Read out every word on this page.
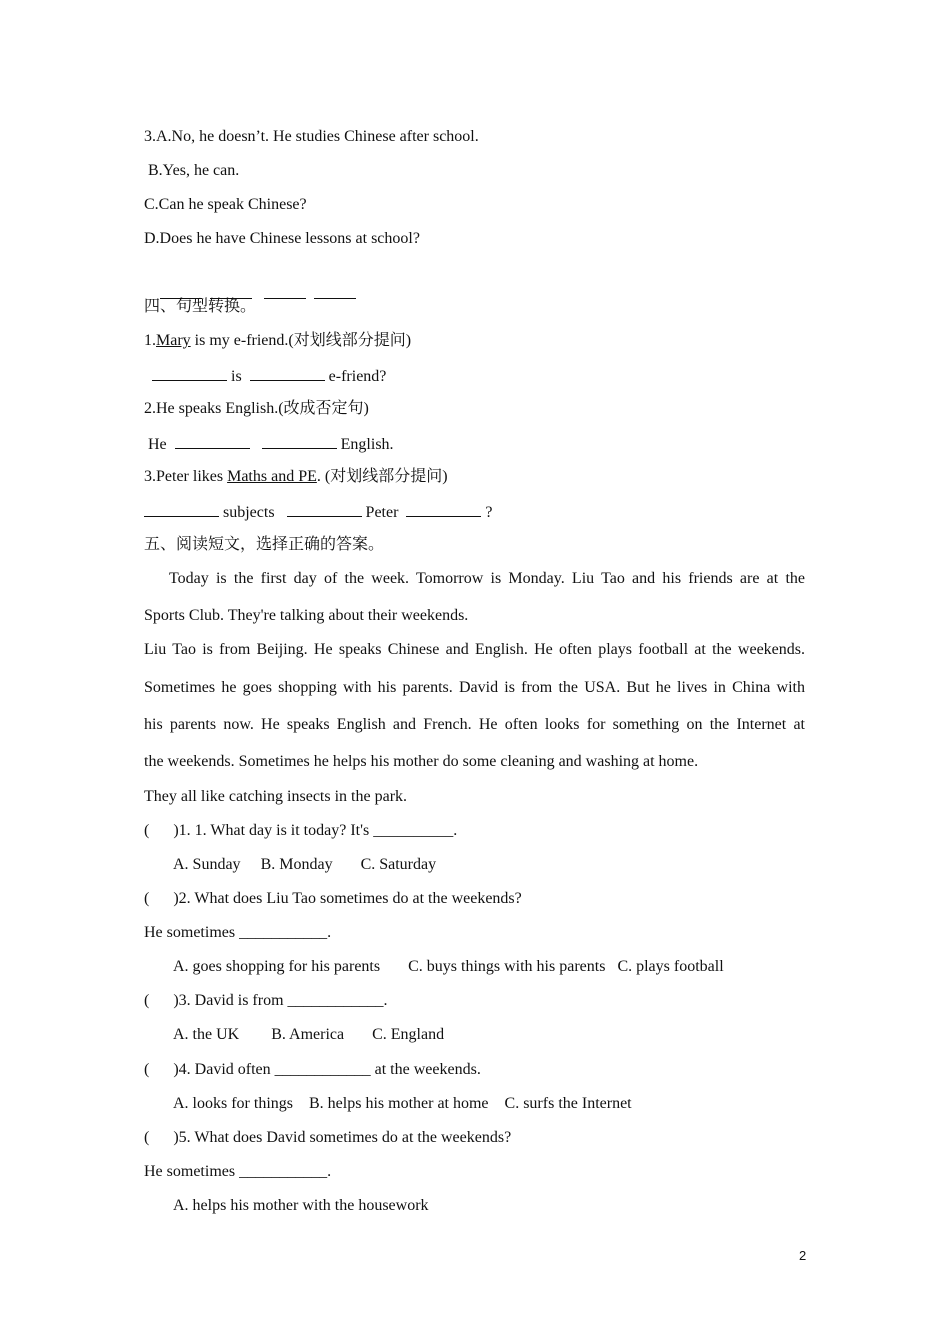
3.A.No, he doesn’t. He studies Chinese after school.
B.Yes, he can.
C.Can he speak Chinese?
D.Does he have Chinese lessons at school?

四、句型转换。
1.Mary is my e-friend.(对划线部分提问)
is	e-friend?
2.He speaks English.(改成否定句)
He	English.
3.Peter likes Maths and PE. (对划线部分提问)
subjects	Peter	?
五、阅读短文，选择正确的答案。
Today is the first day of the week. Tomorrow is Monday. Liu Tao and his friends are at the
Sports Club. They're talking about their weekends.
Liu Tao is from Beijing. He speaks Chinese and English. He often plays football at the weekends.
Sometimes he goes shopping with his parents. David is from the USA. But he lives in China with
his parents now. He speaks English and French. He often looks for something on the Internet at
the weekends. Sometimes he helps his mother do some cleaning and washing at home.
They all like catching insects in the park.
(      )1. 1. What day is it today? It's __________.
A. Sunday B. Monday C. Saturday
(      )2. What does Liu Tao sometimes do at the weekends?
He sometimes ___________.
A. goes shopping for his parents C. buys things with his parents C. plays football
(      )3. David is from ____________.
A. the UK B. America C. England
(      )4. David often ____________ at the weekends.
A. looks for things B. helps his mother at home C. surfs the Internet
(      )5. What does David sometimes do at the weekends?
He sometimes ___________.
A. helps his mother with the housework
2
